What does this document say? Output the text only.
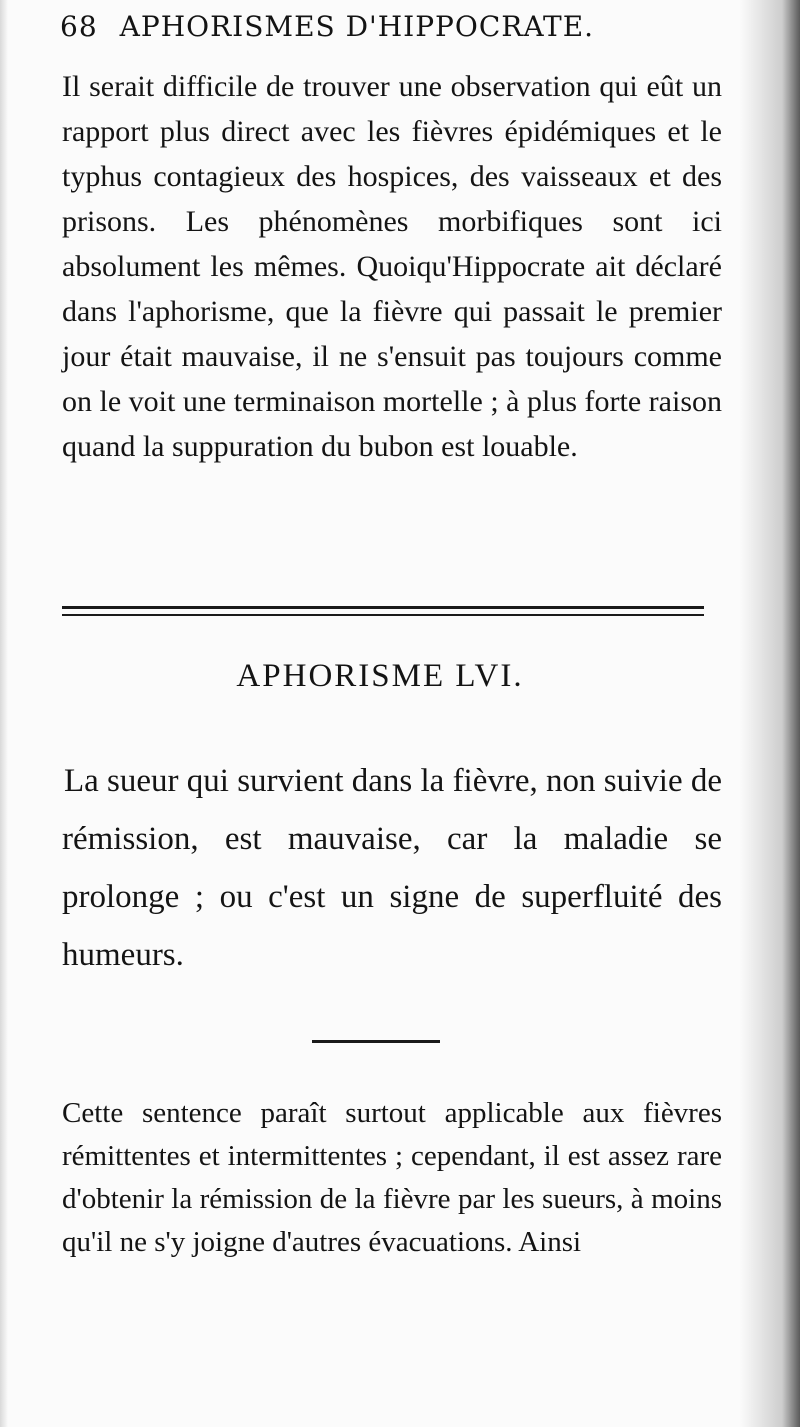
68 APHORISMES D'HIPPOCRATE.

Il serait difficile de trouver une observation qui eût un rapport plus direct avec les fièvres épidémiques et le typhus contagieux des hospices, des vaisseaux et des prisons. Les phénomènes morbifiques sont ici absolument les mêmes. Quoiqu'Hippocrate ait déclaré dans l'aphorisme, que la fièvre qui passait le premier jour était mauvaise, il ne s'ensuit pas toujours comme on le voit une terminaison mortelle ; à plus forte raison quand la suppuration du bubon est louable.

APHORISME LVI.

La sueur qui survient dans la fièvre, non suivie de rémission, est mauvaise, car la maladie se prolonge ; ou c'est un signe de superfluité des humeurs.

Cette sentence paraît surtout applicable aux fièvres rémittentes et intermittentes ; cependant, il est assez rare d'obtenir la rémission de la fièvre par les sueurs, à moins qu'il ne s'y joigne d'autres évacuations. Ainsi
